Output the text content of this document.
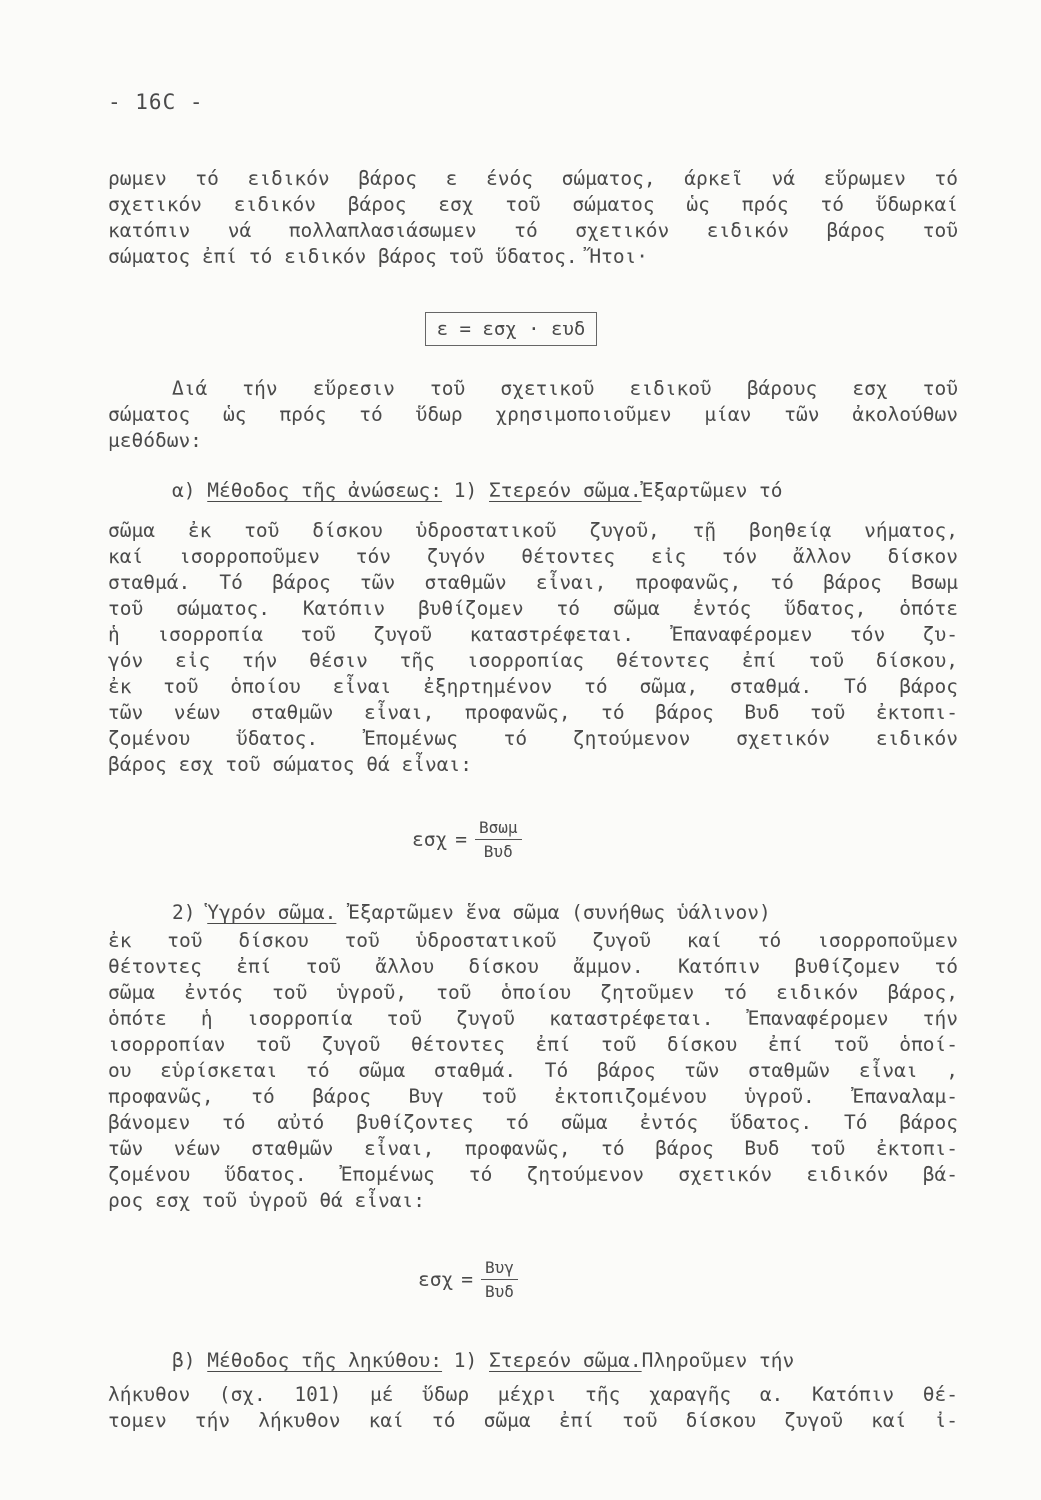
- 16C -
ρωμεν τό ειδικόν βάρος ε ένός σώματος, άρκεῖ νά εὕρωμεν τό
σχετικόν ειδικόν βάρος εσχ τοῦ σώματος ὡς πρός τό ὕδωρκαί
κατόπιν νά πολλαπλασιάσωμεν τό σχετικόν ειδικόν βάρος τοῦ
σώματος ἐπί τό ειδικόν βάρος τοῦ ὕδατος. Ἤτοι·
ε = εσχ · ευδ
Διά τήν εὕρεσιν τοῦ σχετικοῦ ειδικοῦ βάρους εσχ τοῦ
σώματος ὡς πρός τό ὕδωρ χρησιμοποιοῦμεν μίαν τῶν ἀκολούθων
μεθόδων:
α) Μέθοδος τῆς ἀνώσεως: 1) Στερεόν σῶμα.Ἐξαρτῶμεν τό
σῶμα ἐκ τοῦ δίσκου ὑδροστατικοῦ ζυγοῦ, τῇ βοηθείᾳ νήματος,
καί ισορροποῦμεν τόν ζυγόν θέτοντες εἰς τόν ἄλλον δίσκον
σταθμά. Τό βάρος τῶν σταθμῶν εἶναι, προφανῶς, τό βάρος Βσωμ
τοῦ σώματος. Κατόπιν βυθίζομεν τό σῶμα ἐντός ὕδατος, ὁπότε
ἡ ισορροπία τοῦ ζυγοῦ καταστρέφεται. Ἐπαναφέρομεν τόν ζυ-
γόν εἰς τήν θέσιν τῆς ισορροπίας θέτοντες ἐπί τοῦ δίσκου,
ἐκ τοῦ ὁποίου εἶναι ἐξηρτημένον τό σῶμα, σταθμά. Τό βάρος
τῶν νέων σταθμῶν εἶναι, προφανῶς, τό βάρος Βυδ τοῦ ἐκτοπι-
ζομένου ὕδατος. Ἐπομένως τό ζητούμενον σχετικόν ειδικόν
βάρος εσχ τοῦ σώματος θά εἶναι:
$\varepsilon\sigma\chi = \frac{\text{Βσωμ}}{\text{Βυδ}}$
2) Ὑγρόν σῶμα. Ἐξαρτῶμεν ἕνα σῶμα (συνήθως ὑάλινον)
ἐκ τοῦ δίσκου τοῦ ὑδροστατικοῦ ζυγοῦ καί τό ισορροποῦμεν
θέτοντες ἐπί τοῦ ἄλλου δίσκου ἄμμον. Κατόπιν βυθίζομεν τό
σῶμα ἐντός τοῦ ὑγροῦ, τοῦ ὁποίου ζητοῦμεν τό ειδικόν βάρος,
ὁπότε ἡ ισορροπία τοῦ ζυγοῦ καταστρέφεται. Ἐπαναφέρομεν τήν
ισορροπίαν τοῦ ζυγοῦ θέτοντες ἐπί τοῦ δίσκου ἐπί τοῦ ὁποί-
ου εὑρίσκεται τό σῶμα σταθμά. Τό βάρος τῶν σταθμῶν εἶναι ,
προφανῶς, τό βάρος Βυγ τοῦ ἐκτοπιζομένου ὑγροῦ. Ἐπαναλαμ-
βάνομεν τό αὐτό βυθίζοντες τό σῶμα ἐντός ὕδατος. Τό βάρος
τῶν νέων σταθμῶν εἶναι, προφανῶς, τό βάρος Βυδ τοῦ ἐκτοπι-
ζομένου ὕδατος. Ἐπομένως τό ζητούμενον σχετικόν ειδικόν βά-
ρος εσχ τοῦ ὑγροῦ θά εἶναι:
$\varepsilon\sigma\chi = \frac{\text{Βυγ}}{\text{Βυδ}}$
β) Μέθοδος τῆς ληκύθου: 1) Στερεόν σῶμα.Πληροῦμεν τήν
λήκυθον (σχ. 101) μέ ὕδωρ μέχρι τῆς χαραγῆς α. Κατόπιν θέ-
τομεν τήν λήκυθον καί τό σῶμα ἐπί τοῦ δίσκου ζυγοῦ καί ἰ-
